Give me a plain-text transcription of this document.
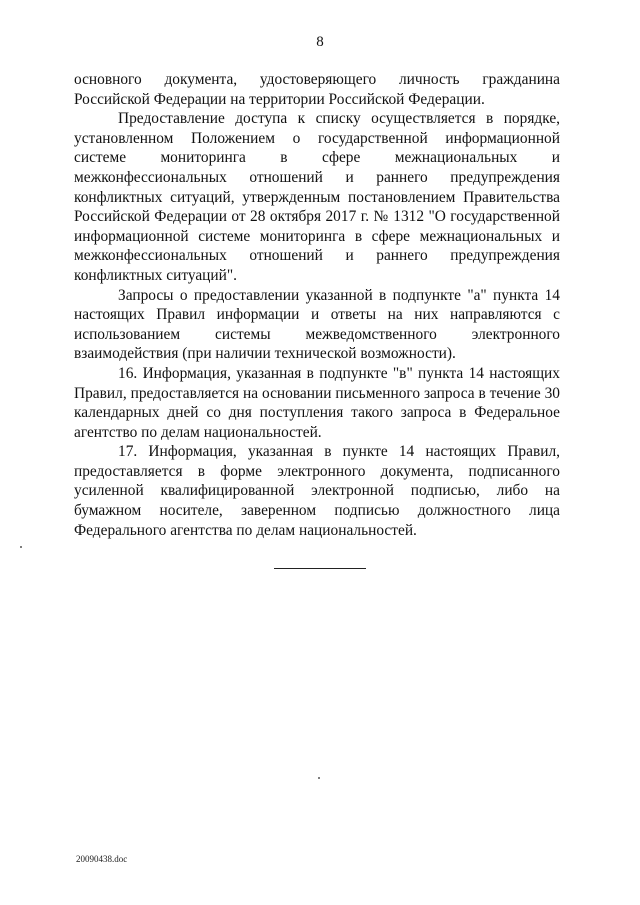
8

основного документа, удостоверяющего личность гражданина Российской Федерации на территории Российской Федерации.

Предоставление доступа к списку осуществляется в порядке, установленном Положением о государственной информационной системе мониторинга в сфере межнациональных и межконфессиональных отношений и раннего предупреждения конфликтных ситуаций, утвержденным постановлением Правительства Российской Федерации от 28 октября 2017 г. № 1312 "О государственной информационной системе мониторинга в сфере межнациональных и межконфессиональных отношений и раннего предупреждения конфликтных ситуаций".

Запросы о предоставлении указанной в подпункте "а" пункта 14 настоящих Правил информации и ответы на них направляются с использованием системы межведомственного электронного взаимодействия (при наличии технической возможности).

16. Информация, указанная в подпункте "в" пункта 14 настоящих Правил, предоставляется на основании письменного запроса в течение 30 календарных дней со дня поступления такого запроса в Федеральное агентство по делам национальностей.

17. Информация, указанная в пункте 14 настоящих Правил, предоставляется в форме электронного документа, подписанного усиленной квалифицированной электронной подписью, либо на бумажном носителе, заверенном подписью должностного лица Федерального агентства по делам национальностей.

20090438.doc
